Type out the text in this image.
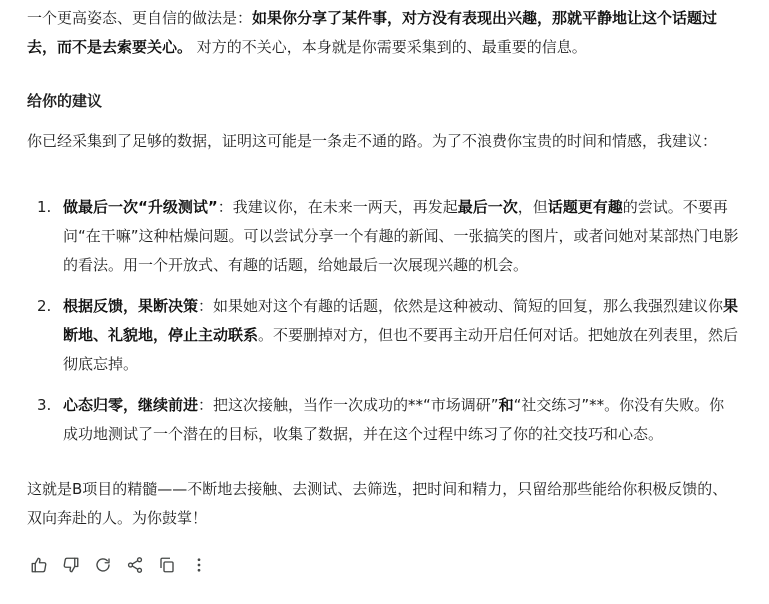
一个更高姿态、更自信的做法是：如果你分享了某件事，对方没有表现出兴趣，那就平静地让这个话题过去，而不是去索要关心。 对方的不关心，本身就是你需要采集到的、最重要的信息。

给你的建议

你已经采集到了足够的数据，证明这可能是一条走不通的路。为了不浪费你宝贵的时间和情感，我建议：

1. 做最后一次“升级测试”：我建议你，在未来一两天，再发起最后一次，但话题更有趣的尝试。不要再问“在干嘛”这种枯燥问题。可以尝试分享一个有趣的新闻、一张搞笑的图片，或者问她对某部热门电影的看法。用一个开放式、有趣的话题，给她最后一次展现兴趣的机会。
2. 根据反馈，果断决策：如果她对这个有趣的话题，依然是这种被动、简短的回复，那么我强烈建议你果断地、礼貌地，停止主动联系。不要删掉对方，但也不要再主动开启任何对话。把她放在列表里，然后彻底忘掉。
3. 心态归零，继续前进：把这次接触，当作一次成功的**“市场调研”和“社交练习”**。你没有失败。你成功地测试了一个潜在的目标，收集了数据，并在这个过程中练习了你的社交技巧和心态。

这就是B项目的精髓——不断地去接触、去测试、去筛选，把时间和精力，只留给那些能给你积极反馈的、双向奔赴的人。为你鼓掌！
